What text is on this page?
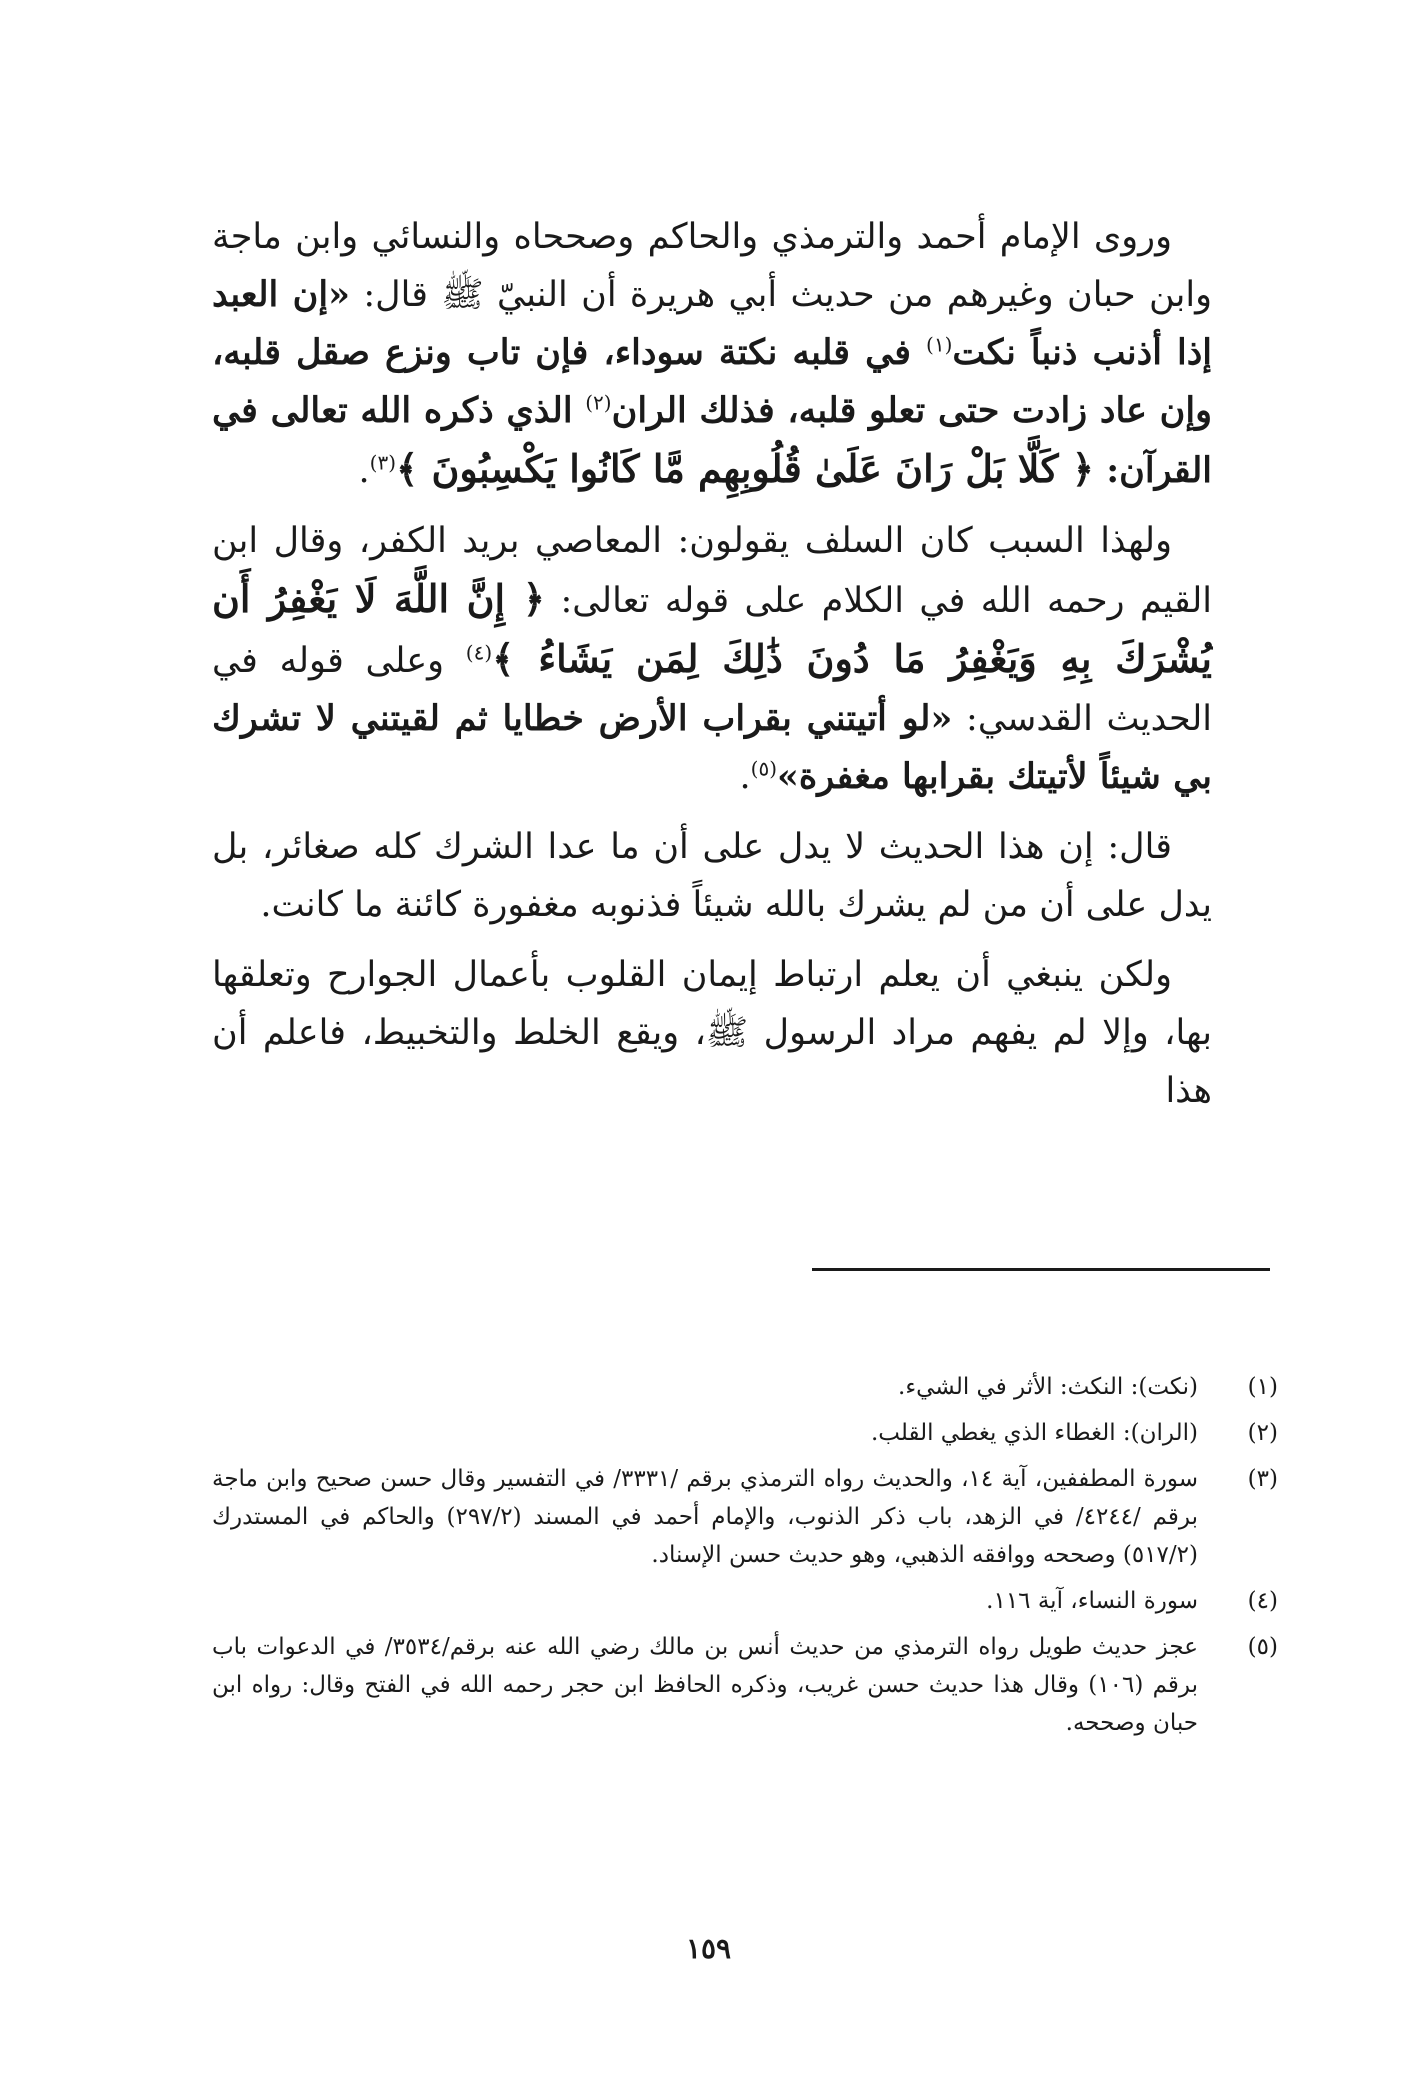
وروى الإمام أحمد والترمذي والحاكم وصححاه والنسائي وابن ماجة وابن حبان وغيرهم من حديث أبي هريرة أن النبيّ ﷺ قال: «إن العبد إذا أذنب ذنباً نكت$^{(١)}$ في قلبه نكتة سوداء، فإن تاب ونزع صقل قلبه، وإن عاد زادت حتى تعلو قلبه، فذلك الران$^{(٢)}$ الذي ذكره الله تعالى في القرآن: ﴿ كَلَّا بَلْ رَانَ عَلَىٰ قُلُوبِهِم مَّا كَانُوا يَكْسِبُونَ ﴾$^{(٣)}$.

ولهذا السبب كان السلف يقولون: المعاصي بريد الكفر، وقال ابن القيم رحمه الله في الكلام على قوله تعالى: ﴿ إِنَّ اللَّهَ لَا يَغْفِرُ أَن يُشْرَكَ بِهِ وَيَغْفِرُ مَا دُونَ ذَٰلِكَ لِمَن يَشَاءُ ﴾$^{(٤)}$ وعلى قوله في الحديث القدسي: «لو أتيتني بقراب الأرض خطايا ثم لقيتني لا تشرك بي شيئاً لأتيتك بقرابها مغفرة»$^{(٥)}$.

قال: إن هذا الحديث لا يدل على أن ما عدا الشرك كله صغائر، بل يدل على أن من لم يشرك بالله شيئاً فذنوبه مغفورة كائنة ما كانت.

ولكن ينبغي أن يعلم ارتباط إيمان القلوب بأعمال الجوارح وتعلقها بها، وإلا لم يفهم مراد الرسول ﷺ، ويقع الخلط والتخبيط، فاعلم أن هذا

(١)
(نكت): النكث: الأثر في الشيء.
(٢)
(الران): الغطاء الذي يغطي القلب.
(٣)
سورة المطففين، آية ١٤، والحديث رواه الترمذي برقم /٣٣٣١/ في التفسير وقال حسن صحيح وابن ماجة برقم /٤٢٤٤/ في الزهد، باب ذكر الذنوب، والإمام أحمد في المسند (٢٩٧/٢) والحاكم في المستدرك (٥١٧/٢) وصححه ووافقه الذهبي، وهو حديث حسن الإسناد.
(٤)
سورة النساء، آية ١١٦.
(٥)
عجز حديث طويل رواه الترمذي من حديث أنس بن مالك رضي الله عنه برقم/٣٥٣٤/ في الدعوات باب برقم (١٠٦) وقال هذا حديث حسن غريب، وذكره الحافظ ابن حجر رحمه الله في الفتح وقال: رواه ابن حبان وصححه.
١٥٩
